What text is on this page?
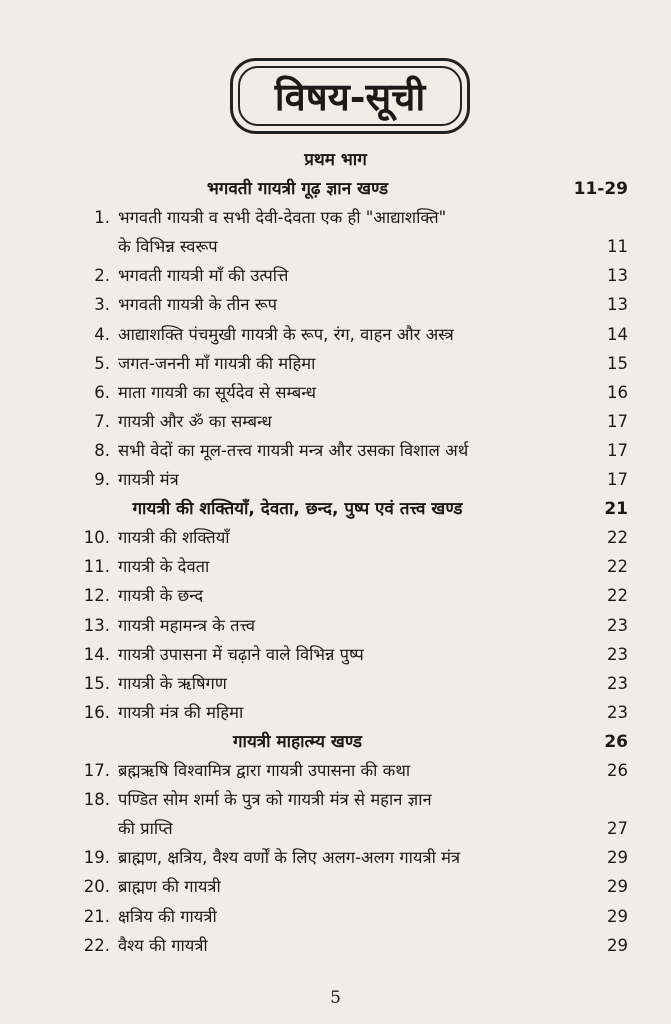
विषय-सूची
प्रथम भाग
भगवती गायत्री गूढ़ ज्ञान खण्ड	11-29
1. भगवती गायत्री व सभी देवी-देवता एक ही "आद्याशक्ति"
के विभिन्न स्वरूप	11
2. भगवती गायत्री माँ की उत्पत्ति	13
3. भगवती गायत्री के तीन रूप	13
4. आद्याशक्ति पंचमुखी गायत्री के रूप, रंग, वाहन और अस्त्र	14
5. जगत-जननी माँ गायत्री की महिमा	15
6. माता गायत्री का सूर्यदेव से सम्बन्ध	16
7. गायत्री और ॐ का सम्बन्ध	17
8. सभी वेदों का मूल-तत्त्व गायत्री मन्त्र और उसका विशाल अर्थ	17
9. गायत्री मंत्र	17
गायत्री की शक्तियाँ, देवता, छन्द, पुष्प एवं तत्त्व खण्ड	21
10. गायत्री की शक्तियाँ	22
11. गायत्री के देवता	22
12. गायत्री के छन्द	22
13. गायत्री महामन्त्र के तत्त्व	23
14. गायत्री उपासना में चढ़ाने वाले विभिन्न पुष्प	23
15. गायत्री के ऋषिगण	23
16. गायत्री मंत्र की महिमा	23
गायत्री माहात्म्य खण्ड	26
17. ब्रह्मऋषि विश्वामित्र द्वारा गायत्री उपासना की कथा	26
18. पण्डित सोम शर्मा के पुत्र को गायत्री मंत्र से महान ज्ञान
की प्राप्ति	27
19. ब्राह्मण, क्षत्रिय, वैश्य वर्णों के लिए अलग-अलग गायत्री मंत्र	29
20. ब्राह्मण की गायत्री	29
21. क्षत्रिय की गायत्री	29
22. वैश्य की गायत्री	29
5
